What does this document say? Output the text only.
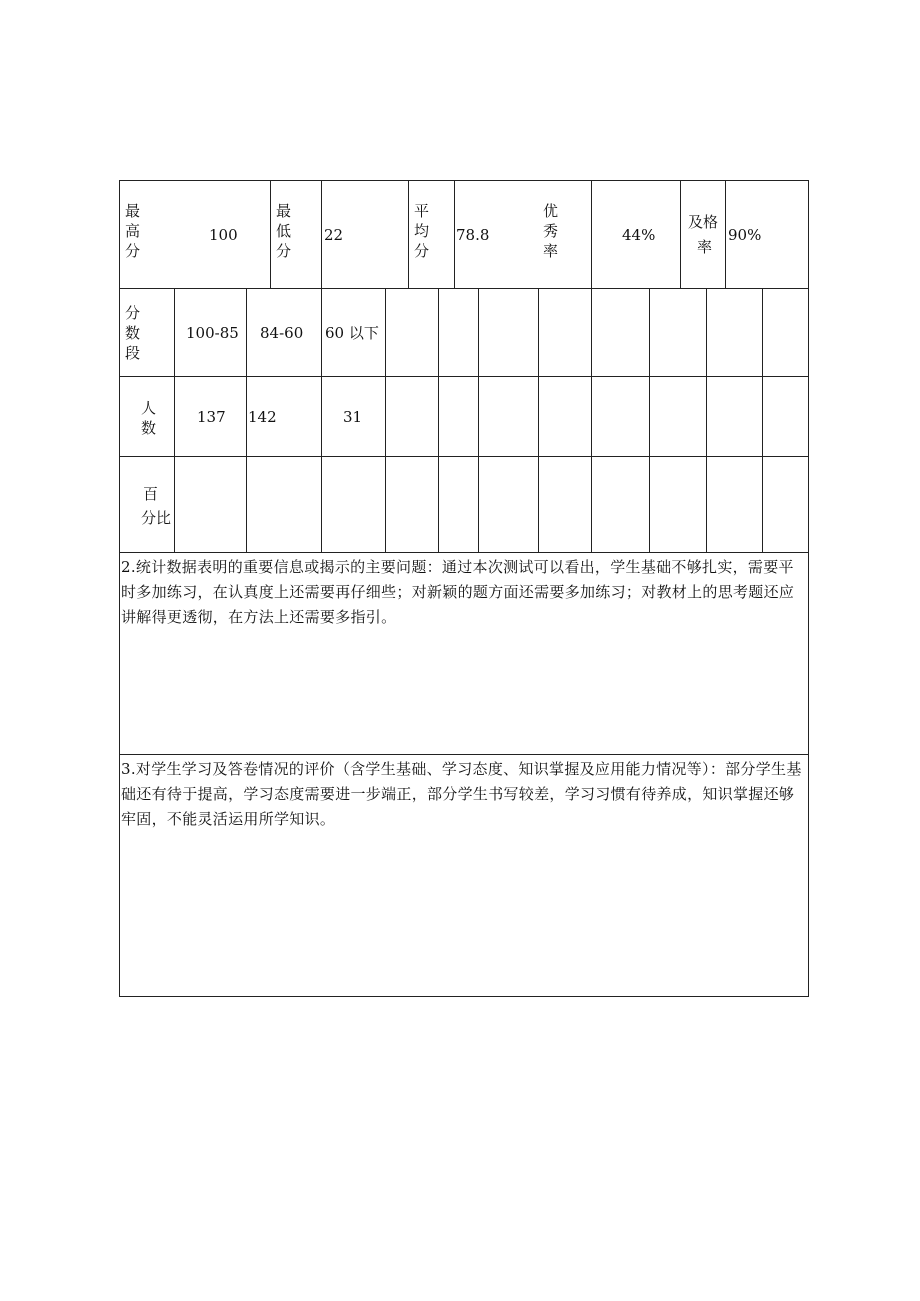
最高分
100
最低分
22
平均分
78.8
优秀率
44%
及格
率
90%
分数段
100-85 84-60 60 以下
人数
137 142	31
百
分比
2.统计数据表明的重要信息或揭示的主要问题：通过本次测试可以看出，学生基础不够扎实，需要平时多加练习，在认真度上还需要再仔细些；对新颖的题方面还需要多加练习；对教材上的思考题还应讲解得更透彻，在方法上还需要多指引。
3.对学生学习及答卷情况的评价（含学生基础、学习态度、知识掌握及应用能力情况等）：部分学生基础还有待于提高，学习态度需要进一步端正，部分学生书写较差，学习习惯有待养成，知识掌握还够牢固，不能灵活运用所学知识。
